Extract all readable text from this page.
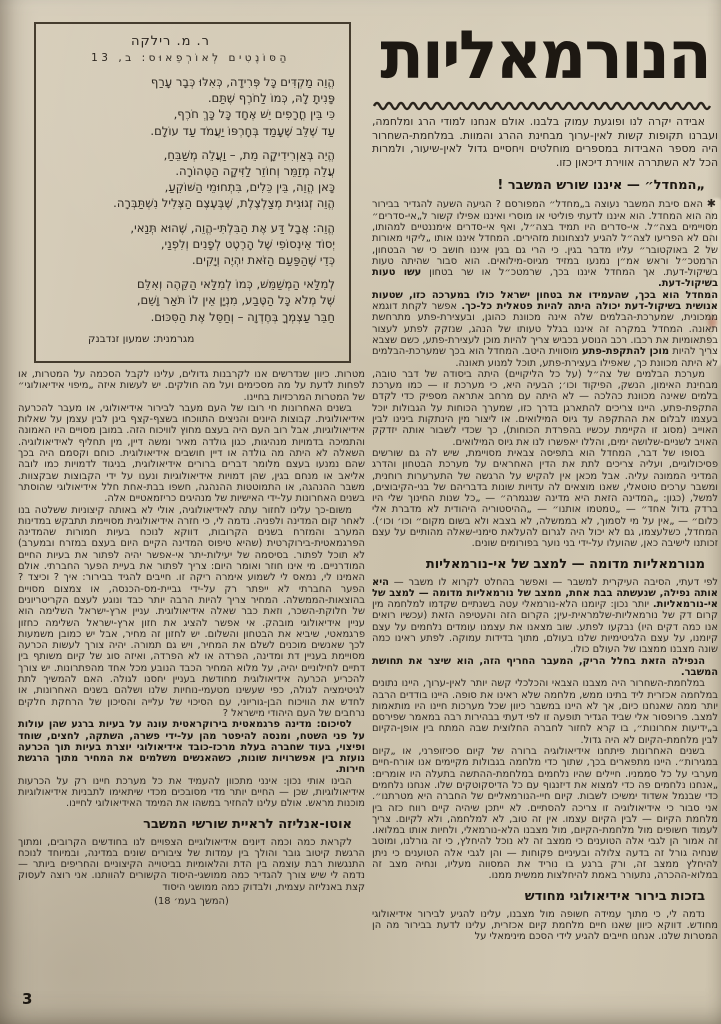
ר. מ. רילקה
הַסּוֹנֶטִים לְאוֹרְפֵאוּס: ב, 13
הֱוֵה מַקְדִּים כָּל פְּרִידָה, כְּאִלּוּ כְּבָר עָרַף
פָּנִיתָ לָהּ, כְּמוֹ לַחֹרֶף שֶׁתַּם.
כִּי בֵּין חֳרָפִים יֵשׁ אֶחָד כָּל כָּךְ חֹרֶף,
עַד שֶׁלֵּב שֶׁעָמַד בְּחָרְפּוֹ יַעֲמֹד עַד עוֹלָם.
הֱיֵה בְּאַוְרִידִיקָה מֵת, – וַעֲלֵה מְשַׁבֵּחַ,
עֲלֵה מְזַמֵּר וְחוֹזֵר לַזִּיקָה הַטְּהוֹרָה.
כָּאן הֱוֵה, בֵּין כֵּלִים, בִּתְחוּמֵי הַשּׁוֹקֵעַ,
הֱוֵה זְגוּגִית מְצַלְצֶלֶת, שֶׁבְּעֶצֶם הַצְּלִיל נִשְׁתַּבְּרָה.
הֱוֵה: אֲבָל דַּע אֶת הַבִּלְתִּי-הֱוֵה, שֶׁהוּא תְּנַאי,
יְסוֹד אֵינְסוֹפִי שֶׁל הָרֶטֶט לְפָנִים וְלִפְנַי,
כְּדֵי שֶׁהַפַּעַם הַזֹּאת יִהְיֶה וְיָקִים.
לְמִלַּאי הַמְשַׁמֵּשׁ, כְּמוֹ לְמִלַּאי הַקֵּהֶה וְאִלֵּם
שֶׁל מְלֹא כָּל הַטֶּבַע, מִנְיָן אֵין לוֹ תֹּאַר וָשֵׁם,
חַבֵּר עַצְמְךָ בְּחֶדְוָה – וְחַסֵּל אֶת הַסִּכּוּם.
מגרמנית: שמעון זנדבנק
הנורמאליות

אבידה יקרה לנו ופוגעת עמוק בלבנו. אולם אנחנו למודי הרג ומלחמה, ועברנו תקופות קשות לאין-ערוך מבחינת ההרג והמוות. במלחמת-השחרור היה מספר האבידות במספרים מוחלטים ויחסיים גדול לאין-שיעור, ולמרות הכל לא השתררה אווירת דיכאון כזו.

„המחדל״ — איננו שורש המשבר !

✱ האם סיבת המשבר נעוצה ב„מחדל״ המפורסם ? הגיעה השעה להגדיר בבירור מה הוא המחדל. הוא איננו לדעתי פוליטי או מוסרי ואיננו אפילו קשור ל„אי-סדרים״ מסויימים בצה״ל. אי-סדרים היו תמיד בצה״ל, ואף אי-סדרים אימננטיים למהותו, והם לא הפריעו לצה״ל להגיע לנצחונות מזהירים. המחדל איננו אותו „ליקוי מאורות של 2 באוקטובר״ עליו מדבר בגין. כי הרי גם בגין איננו חושב כי שר הבטחון, הרמטכ״ל וראש אמ״ן נמנעו במזיד מגיוס-מילואים. הוא סבור שהיתה טעות בשיקול-דעת. אך המחדל איננו בכך, שרמטכ״ל או שר בטחון עשו טעות בשיקול-דעת.

המחדל הוא בכך, שהעמידו את בטחון ישראל כולו במערכה כזו, שטעות אנושית בשיקול-דעת יכולה היתה להיות פטאלית כל-כך. אפשר לקחת דוגמא ממכונית, שמערכת-הבלמים שלה אינה מכוונת כהוגן, ובעצירת-פתע מתרחשת תאונה. המחדל במקרה זה איננו בגלל טעותו של הנהג, שנזקק לפתע לעצור בפתאומיות את רכבו. רכב הנוסע בכביש צריך להיות מוכן לעצירת-פתע, כשם שצבא צריך להיות מוכן להתקפת-פתע מוסווית היטב. המחדל הוא בכך שמערכת-הבלמים לא היתה מכוונת כך, שאפילו בעצירת-פתע, תוכל למנוע תאונה.

מערכת הבלמים של צה״ל (על כל הליקויים) היתה ביסודה של דבר טובה, מבחינת האימון, הנשק, הפיקוד וכו׳; הבעיה היא, כי מערכת זו — כמו מערכת בלמים שאינה מכוונת כהלכה — לא היתה עם מרחב אתראה מספיק כדי לקדם התקפת-פתע. היינו צריכים להתארגן בדרך כזו, שמערך הכוחות על הגבולות יוכל בעצמו לבלום את ההתקפה עד גיוס המילואים. או ליצור מין הינתקות בינינו לבין האוייב (מסוג זו הקיימת עכשיו בהפרדת הכוחות), כך שכדי לשבור אותה יזדקק האויב לשניים-שלושה ימים, והללו יאפשרו לנו את גיוס המילואים.

בסופו של דבר, המחדל הוא בתפיסה צבאית מסויימת, שיש לה גם שורשים פסיכולוגיים, ועליה צריכים לתת את הדין האחראים על מערכת הבטחון והדרג המדיני הממונה עליה. אבל מכאן אין להקיש על הרגשה של התערערות רוחנית, ומשבר ערכים טוטאלי, שאנו מוצאים לה עדויות שונות בדבריהם של בני-הקיבוצים, למשל, (כגון: „המדינה הזאת היא מדינה שנגמרה״ — „כל שנות החינוך שלי היו ברדק גדול אחד״ — „טמטמו אותנו״ — „ההיסטוריה היהודית לא מדברת אלי כלום״ — „אין על מי לסמוך, לא בממשלה, לא בצבא ולא בשום מקום״ וכו׳ וכו׳). המחדל, כשלעצמו, גם לא יכול היה לגרום להעלאת סימני-שאלה מהותיים על עצם זכותנו לישיבה כאן, שהועלו על-ידי בני נוער בפורומים שונים.

מנורמאליות מדומה — למצב של אי-נורמאליות

לפי דעתי, הסיבה העיקרית למשבר — ואפשר בהחלט לקרוא לו משבר — היא אותה נפילה, שנעשתה בבת אחת, ממצב של נורמאליות מדומה — למצב של אי-נורמאליות. יותר נכון: קיומנו הלא-נורמאלי עטה בשנתיים שקדמו למלחמה מין קרום דק של נורמאליות-שלמראית-עין; הקרום הזה והעטיפה הזאת (עכשיו רואים אנו כמה דקים היו) נבקעו לפתע. שוב מצאנו את עצמנו עומדים נלחמים על עצם קיומנו, על עצם הלגיטימיות שלנו בעולם, מתוך בדידות עמוקה. לפתע ראינו כמה שונה מצבנו ממצבו של העולם כולו.

הנפילה הזאת בחלל הריק, המעבר החריף הזה, הוא שיצר את תחושת המשבר.

במלחמת-השחרור היה מצבנו הצבאי והכלכלי קשה יותר לאין-ערוך, היינו נתונים במלחמה אכזרית ליד בתינו ממש, מלחמה שלא ראינו את סופה. היינו בודדים הרבה יותר ממה שאנחנו כיום, אך לא היינו במשבר כיוון שכל מערכות חיינו היו מותאמות למצב. פרופסור אלי שביד הגדיר תופעה זו לפי דעתי בבהירות רבה במאמר שפירסם ב„ידיעות אחרונות״, בו קרא לחזור לחברה החלוצית שבה המתח בין אופן-הקיום לבין מלחמת-הקיום לא היה גדול.

בשנים האחרונות פיתחנו אידיאולוגיה ברורה של קיום סכיזופרני, או „קיום במגירות״. היינו מתפארים בכך, שתוך כדי מלחמה בגבולות מקיימים אנו אורח-חיים מערבי על כל סממניו. חיילים שהיו נלחמים במלחמת-ההתשה בתעלה היו אומרים: „אנחנו נלחמים פה כדי למצוא את דיזנגוף עם כל הדיסקוטקים שלו. אנחנו נלחמים כדי שבנמל אשדוד ימשיכו לשבות. קיום חיי-הנורמאליים של החברה היא מטרתנו״. אני סבור כי אידיאולוגיה זו צריכה להסתיים. לא ייתכן שיהיה קיים רווח כזה בין מלחמת הקיום — לבין הקיום עצמו. אין זה טוב, לא למלחמה, ולא לקיום. צריך לעמוד חשופים מול מלחמת-הקיום, מול מצבנו הלא-נורמאלי, ולחיות אותו במלואו. זה אמור הן לגבי אלה הטוענים כי ממצב זה לא נוכל להיחלץ, כי זה גורלנו, ומוטב שנחיה גורל זה בדעה צלולה ובעיניים פקוחות — והן לגבי אלה הטוענים כי ניתן להיחלץ ממצב זה, ורק ברגע בו נוריד את המסווה מעליו, ונחיה מצב זה במלוא-ההכרה, נתעורר באמת להיחלצות ממשית ממנו.

בזכות בירור אידיאולוגי מחודש

נדמה לי, כי מתוך עמידה חשופה מול מצבנו, עלינו להגיע לבירור אידיאולוגי מחודש. דווקא כיוון שאנו חיים מלחמת קיום אכזרית, עלינו לדעת בבירור מה הן המטרות שלנו. אנחנו חייבים להגיע לידי הסכם מינימאלי על

מטרות. כיוון שנדרשים אנו לקרבנות גדולים, עלינו לקבל הסכמה על המטרות, או לפחות לדעת על מה מסכימים ועל מה חולקים. יש לעשות איזה „מיפוי אידיאולוגי״ של המטרות המרכזיות בחיינו.

בשנים האחרונות חי רובו של העם מעבר לבירור אידיאולוגי, או מעבר להכרעה אידיאולוגית. קבוצות היונים והניצים התווכחו בשצף-קצף בינן לבין עצמן על שאלות אידיאולוגיות, אבל רוב העם היה בעצם מחוץ לוויכוח הזה. במובן מסויים היו האמונה והתמיכה בדמויות מנהיגות, כגון גולדה מאיר ומשה דיין, מין תחליף לאידיאולוגיה. השאלה לא היתה מה גולדה או דיין חושבים אידיאולוגית. כוחם וקסמם היה בכך שהם נמנעו בעצם מלומר דברים ברורים אידיאולוגית, בניגוד לדמויות כמו לובה אליאב או מנחם בגין, שהן דמויות אידיאולוגיות ונענו על ידי הקבוצות שבקצוות. משבר ההנהגה, או התמוטטות ההנהגה, חשפו בבת-אחת חלל אידיאולוגי שהוסתר בשנים האחרונות על-ידי האישיות של מנהיגים כריזמאטיים אלה.

משום-כך עלינו לחזור עתה לאידיאולוגיה, אולי לא באותה קיצוניות ששלטה בנו לאחר קום המדינה ולפניה. נדמה לי, כי חזרה אידיאולוגית מסויימת תתבקש במדינות המערב והמזרח בשנים הקרובות, דווקא לנוכח בעיות חמורות שהמדינה הפרגמאטית-בירוקרטית (שהיא טיפוס המדינה הקיים היום בעצם במזרח ובמערב) לא תוכל לפתור. בסיסמה של יעילות-יתר אי-אפשר יהיה לפתור את בעיות החיים המודרניים. מי אינו חוזר ואומר היום: צריך לפתור את בעיית הפער החברתי. אולם האמינו לי, נמאס לי לשמוע אימרה ריקה זו. חייבים להגיד בבירור: איך ? וכיצד ? הפער החברתי לא ייפתר רק על-ידי גביית-מס-הכנסה, או צמצום מסויים בהוצאות-הממשלה. המחיר צריך להיות הרבה יותר כבד ונוגע לעצם הקריטריונים של חלוקת-השכר, וזאת כבר שאלה אידיאולוגית. עניין ארץ-ישראל השלימה הוא עניין אידיאולוגי מובהק. אי אפשר להציג את חזון ארץ-ישראל השלימה כחזון פרגמאטי, שיביא את הבטחון והשלום. יש לחזון זה מחיר, אבל יש כמובן משמעות לכך שאנשים מוכנים לשלם את המחיר, ויש גם תמורה. יהיה צורך לעשות הכרעה מסויימת בעניין דת ומדינה, הפרדה או לא הפרדה, ואיזה סוג של קיום משותף בין דתיים לחילוניים יהיה, על מלוא המחיר הכבד הנובע מכל אחד מהפתרונות. יש צורך להכריע הכרעה אידיאולוגית מחודשת בעניין יחסנו לגולה. האם להמשיך לתת לגיטימציה לגולה, כפי שעשינו מטעמי-נוחיות שלנו ושלהם בשנים האחרונות, או לחדש את הוויכוח הבן-גוריוני, עם הסיכוי של עלייה והסיכון של הרחקת חלקים נרחבים של העם היהודי מישראל ?

לסיכום: מדינה פרגמאטית בירוקראטית עונה על בעיות ברגע שהן עולות על פני השטח, ומנסה להיפטר מהן על-ידי פשרה, השתקה, לחצים, שוחד ופיצוי, בעוד שחברה בעלת מרכז-כובד אידיאולוגי יוצרת בעיות תוך הכרעה נועזת בין אפשרויות שונות, כשהאנשים משלמים את המחיר מתוך הרגשת חירות.

הבינו אותי נכון: אינני מתכוון להעמיד את כל מערכת חיינו רק על הכרעות אידיאולוגיות, שכן — החיים יותר מדי מסובכים מכדי שיתאימו לתבניות אידיאולוגיות מוכנות מראש. אולם עלינו להחזיר במשהו את המימד האידיאולוגי לחיינו.

אוטו-אנליזה לראיית שורשי המשבר

לקראת כמה וכמה דיונים אידיאולוגיים הצפויים לנו בחודשים הקרובים, ומתוך הרגשת קיטוב גובר והולך בין עמדות של ציבורים שונים במדינה, ובמיוחד לנוכח התנגשות רבת עוצמה בין הדת והלאומיות בביטוייה הקיצוניים והחריפים ביותר — נדמה לי שיש צורך להגדיר כמה ממושגי-היסוד הקשורים להוותנו. אני רוצה לעסוק קצת באנליזה עצמית, ולבדוק כמה ממושגי היסוד

(המשך בעמ׳ 18)

3
